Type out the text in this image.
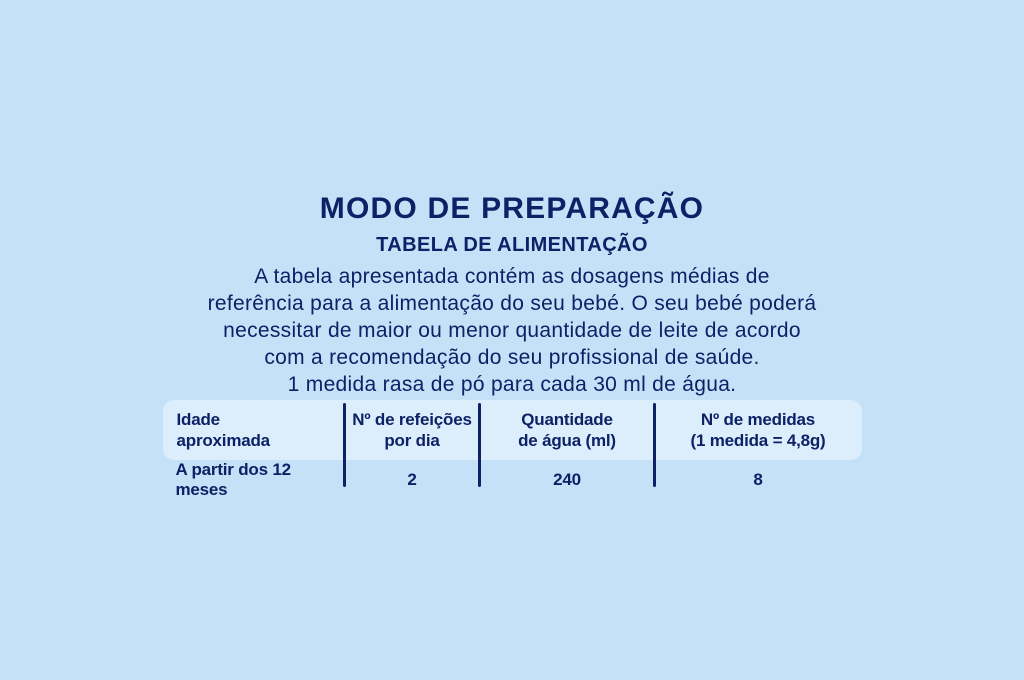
MODO DE PREPARAÇÃO
TABELA DE ALIMENTAÇÃO
A tabela apresentada contém as dosagens médias de
referência para a alimentação do seu bebé. O seu bebé poderá
necessitar de maior ou menor quantidade de leite de acordo
com a recomendação do seu profissional de saúde.
1 medida rasa de pó para cada 30 ml de água.
Idade
aproximada
Nº de refeições
por dia
Quantidade
de água (ml)
Nº de medidas
(1 medida = 4,8g)
A partir dos 12 meses
2	240	8
